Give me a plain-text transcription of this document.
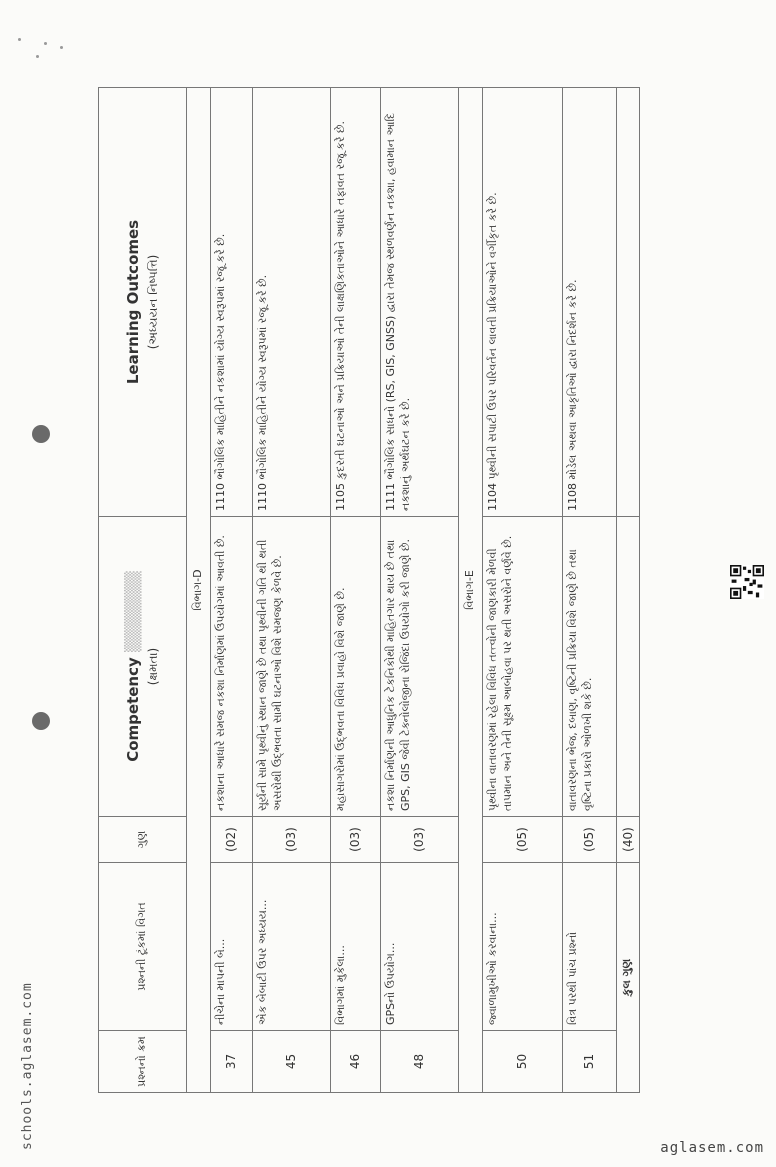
schools.aglasem.com	aglasem.com
પ્રશ્નનો ક્રમ	પ્રશ્નની ટૂંકમાં વિગત	ગુણ	Competency ▒▒▒▒▒▒▒
(ક્ષમતા)	Learning Outcomes (અધ્યયન નિષ્પત્તિ)
વિભાગ-D				
37	નીચેના માપની બે...	(02)	નકશાના આધારે સમજ નકશા નિર્માણમાં ઉપયોગમાં આવતી છે.	1110 ભૌગોલિક માહિતીને નકશામાં યોગ્ય સ્વરૂપમાં રજૂ કરે છે.
45	એક બેબાટી ઉપર અધ્યય...	(03)	સૂર્યની સામે પૃથ્વીનું સ્થાન જાણે છે તથા પૃથ્વીની ગતિ થી થતી અસરોથી ઉદ્ભવતા સામી ઘટનાઓ વિશે સમજણ કેળવે છે.	1110 ભૌગોલિક માહિતીને યોગ્ય સ્વરૂપમાં રજૂ કરે છે.
46	વિભાગમાં મુકેલા...	(03)	મહાસાગરોમાં ઉદ્ભવતા વિવિધ પ્રવાહો વિશે જાણે છે.	1105 કુદરતી ઘટનાઓ અને પ્રક્રિયાઓ તેની લાક્ષણિકતાઓને આધારે તફાવત રજૂ કરે છે.
48	GPSનો ઉપયોગ...	(03)	નકશા નિર્માણની આધુનિક ટેકનિકોથી માહિતગાર થાય છે તથા GPS, GIS જેવી ટેક્નોલોજીના રોજિંદા ઉપયોગો કરી જાણે છે.	1111 ભૌગોલિક સાધનો (RS, GIS, GNSS) દ્વારા તેમજ સ્થળવર્ણન નકશા, હવામાન આદિ નકશાનું અર્થઘટન કરે છે.
વિભાગ-E				
50	જ્વાળામુખીઓ કરવાના...	(05)	પૃથ્વીના વાતાવરણમાં રહેલા વિવિધ તત્ત્વોની જાણકારી મેળવી તાપમાન અને તેની સૂક્ષ્મ આબોહવા પર થતી અસરોને વર્ણવે છે.	1104 પૃથ્વીની સપાટી ઉપર પરિવર્તન લાવતી પ્રક્રિયાઓને વર્ગીકૃત કરે છે.
51	વિત્ર પરથી પાંચ પ્રશ્નો	(05)	વાતાવરણના ભેજ, દબાણ, વૃષ્ટિની પ્રક્રિયા વિશે જાણે છે તથા વૃષ્ટિના પ્રકારો ઓળખી શકે છે.	1108 મોડેલ અથવા આકૃતિઓ દ્વારા નિદર્શન કરે છે.
કુલ ગુણ		(40)		
